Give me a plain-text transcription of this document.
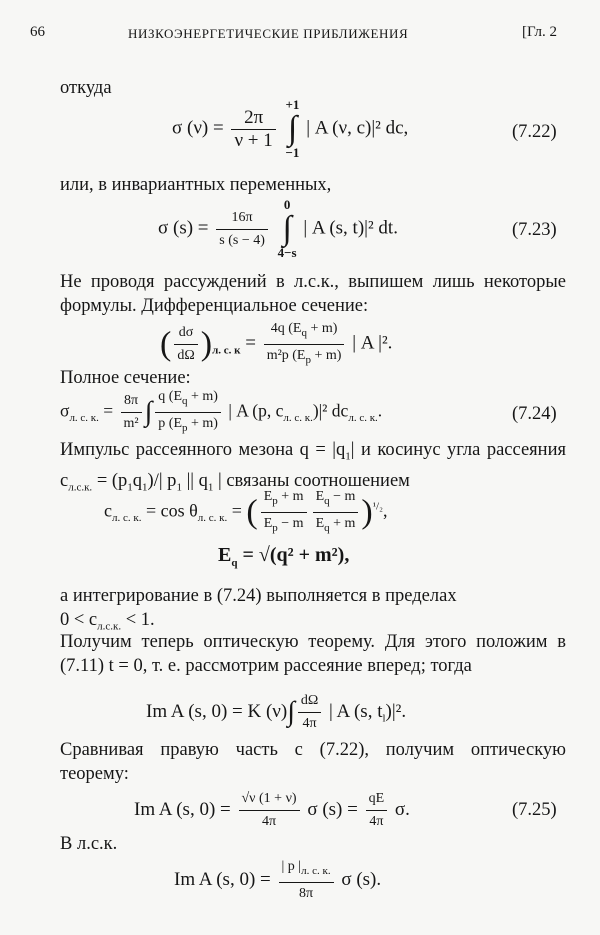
66	НИЗКОЭНЕРГЕТИЧЕСКИЕ ПРИБЛИЖЕНИЯ	[Гл. 2
откуда
σ $(\nu) = \frac{2\pi}{\nu + 1}$

+1
∫
−1
| A (ν, c)|² dc,	(7.22)
или, в инвариантных переменных,
σ $(s) = \frac{16\pi}{s (s - 4)}$

0
∫
4−s
| A (s, t)|² dt.	(7.23)
Не проводя рассуждений в л.с.к., выпишем лишь некоторые формулы. Дифференциальное сечение:
( $\frac{d\sigma}{d\Omega} )_{л. с. к} = \frac{4q (E_q + m)}{m^2p (E_p + m)}$ | A |².
Полное сечение:
$\sigma_{л. с. к.} = \frac{8\pi}{\text{m²}}$ ∫ $\frac{q (E_q + m)}{p (E_p + m)}$ | A (p, $c_{л. с. к.})|^2$ $dc_{л. с. к.}$.	(7.24)
Импульс рассеянного мезона $q = |q_1|$ и косинус угла рассеяния $c_{л.с.к.} = (p_1q_1)/|$ $p_1$ || $q_1$ | связаны соотношением
$c_{л. с. к.} = \cos \theta_{л. с. к.}$ = ( $\frac{E_p + m}{E_p - m} \frac{E_q - m}{E_q + m} )^{^1/_2}$,
$E_q = √(q^2 + m^2)$,
а интегрирование в (7.24) выполняется в пределах
$0 < c_{л.с.к.} < 1$.
Получим теперь оптическую теорему. Для этого положим в (7.11) t = 0, т. е. рассмотрим рассеяние вперед; тогда
Im A (s, 0) = K $(\nu)\int \frac{d\Omega}{4\pi}$ | A (s, $t_l)|^2$.
Сравнивая правую часть с (7.22), получим оптическую теорему:
Im A (s, $0) = \frac{√\nu (1 + \nu)}{4\pi}$ σ $(s) = \frac{qE}{4\pi} \sigma$.	(7.25)
В л.с.к.
Im A (s, $0) = \frac{| p |_{л. с. к.}}{8\pi}$ σ (s).
